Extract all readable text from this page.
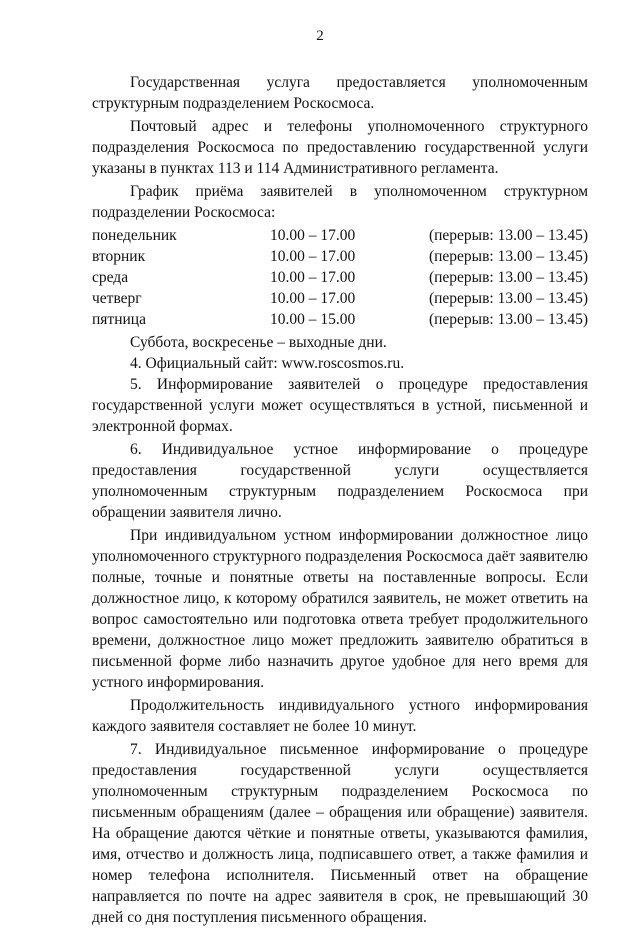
2

Государственная услуга предоставляется уполномоченным структурным подразделением Роскосмоса.

Почтовый адрес и телефоны уполномоченного структурного подразделения Роскосмоса по предоставлению государственной услуги указаны в пунктах 113 и 114 Административного регламента.

График приёма заявителей в уполномоченном структурном подразделении Роскосмоса:

понедельник	10.00 – 17.00	(перерыв: 13.00 – 13.45)
вторник	10.00 – 17.00	(перерыв: 13.00 – 13.45)
среда	10.00 – 17.00	(перерыв: 13.00 – 13.45)
четверг	10.00 – 17.00	(перерыв: 13.00 – 13.45)
пятница	10.00 – 15.00	(перерыв: 13.00 – 13.45)

Суббота, воскресенье – выходные дни.

4. Официальный сайт: www.roscosmos.ru.

5. Информирование заявителей о процедуре предоставления государственной услуги может осуществляться в устной, письменной и электронной формах.

6. Индивидуальное устное информирование о процедуре предоставления государственной услуги осуществляется уполномоченным структурным подразделением Роскосмоса при обращении заявителя лично.

При индивидуальном устном информировании должностное лицо уполномоченного структурного подразделения Роскосмоса даёт заявителю полные, точные и понятные ответы на поставленные вопросы. Если должностное лицо, к которому обратился заявитель, не может ответить на вопрос самостоятельно или подготовка ответа требует продолжительного времени, должностное лицо может предложить заявителю обратиться в письменной форме либо назначить другое удобное для него время для устного информирования.

Продолжительность индивидуального устного информирования каждого заявителя составляет не более 10 минут.

7. Индивидуальное письменное информирование о процедуре предоставления государственной услуги осуществляется уполномоченным структурным подразделением Роскосмоса по письменным обращениям (далее – обращения или обращение) заявителя. На обращение даются чёткие и понятные ответы, указываются фамилия, имя, отчество и должность лица, подписавшего ответ, а также фамилия и номер телефона исполнителя. Письменный ответ на обращение направляется по почте на адрес заявителя в срок, не превышающий 30 дней со дня поступления письменного обращения.
